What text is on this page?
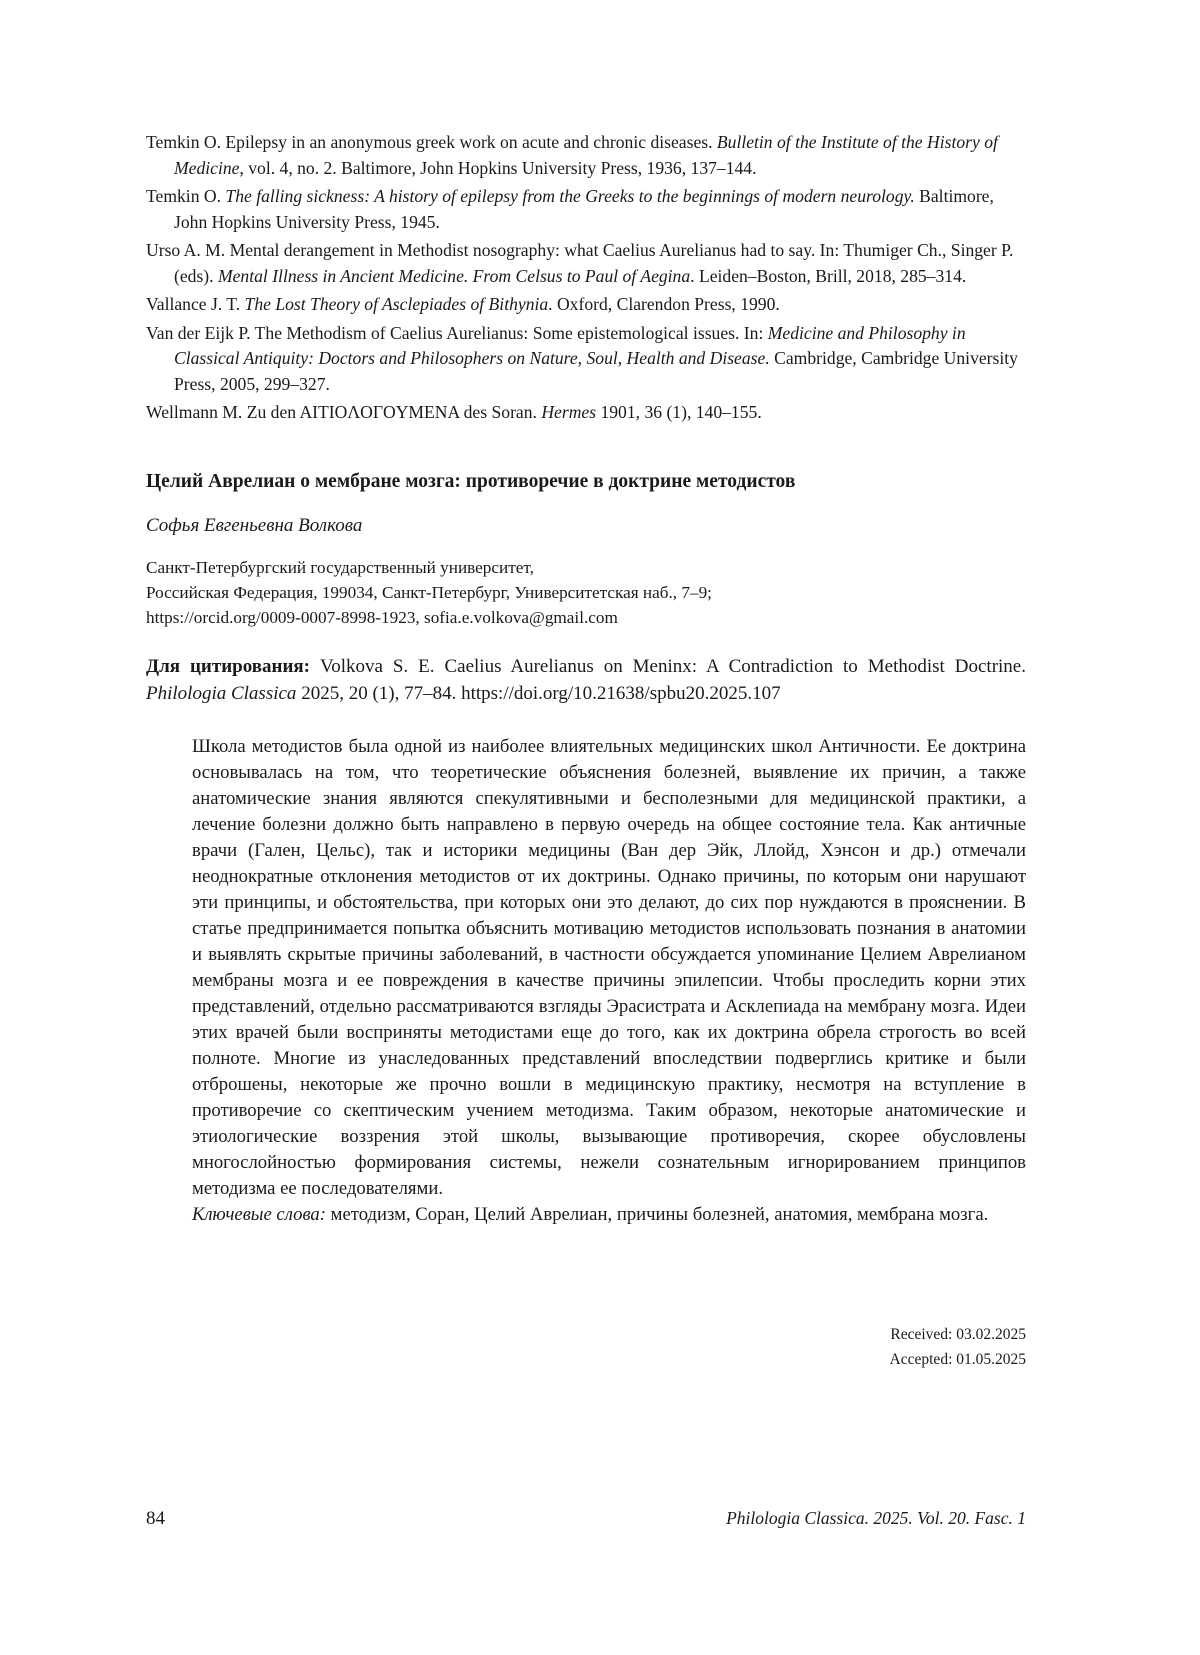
Temkin O. Epilepsy in an anonymous greek work on acute and chronic diseases. Bulletin of the Institute of the History of Medicine, vol. 4, no. 2. Baltimore, John Hopkins University Press, 1936, 137–144.
Temkin O. The falling sickness: A history of epilepsy from the Greeks to the beginnings of modern neurology. Baltimore, John Hopkins University Press, 1945.
Urso A. M. Mental derangement in Methodist nosography: what Caelius Aurelianus had to say. In: Thumiger Ch., Singer P. (eds). Mental Illness in Ancient Medicine. From Celsus to Paul of Aegina. Leiden–Boston, Brill, 2018, 285–314.
Vallance J. T. The Lost Theory of Asclepiades of Bithynia. Oxford, Clarendon Press, 1990.
Van der Eijk P. The Methodism of Caelius Aurelianus: Some epistemological issues. In: Medicine and Philosophy in Classical Antiquity: Doctors and Philosophers on Nature, Soul, Health and Disease. Cambridge, Cambridge University Press, 2005, 299–327.
Wellmann M. Zu den AITIOΛOΓOYMENA des Soran. Hermes 1901, 36 (1), 140–155.
Целий Аврелиан о мембране мозга: противоречие в доктрине методистов
Софья Евгеньевна Волкова
Санкт-Петербургский государственный университет,
Российская Федерация, 199034, Санкт-Петербург, Университетская наб., 7–9;
https://orcid.org/0009-0007-8998-1923, sofia.e.volkova@gmail.com
Для цитирования: Volkova S. E. Caelius Aurelianus on Meninx: A Contradiction to Methodist Doctrine. Philologia Classica 2025, 20 (1), 77–84. https://doi.org/10.21638/spbu20.2025.107

Школа методистов была одной из наиболее влиятельных медицинских школ Античности. Ее доктрина основывалась на том, что теоретические объяснения болезней, выявление их причин, а также анатомические знания являются спекулятивными и бесполезными для медицинской практики, а лечение болезни должно быть направлено в первую очередь на общее состояние тела. Как античные врачи (Гален, Цельс), так и историки медицины (Ван дер Эйк, Ллойд, Хэнсон и др.) отмечали неоднократные отклонения методистов от их доктрины. Однако причины, по которым они нарушают эти принципы, и обстоятельства, при которых они это делают, до сих пор нуждаются в прояснении. В статье предпринимается попытка объяснить мотивацию методистов использовать познания в анатомии и выявлять скрытые причины заболеваний, в частности обсуждается упоминание Целием Аврелианом мембраны мозга и ее повреждения в качестве причины эпилепсии. Чтобы проследить корни этих представлений, отдельно рассматриваются взгляды Эрасистрата и Асклепиада на мембрану мозга. Идеи этих врачей были восприняты методистами еще до того, как их доктрина обрела строгость во всей полноте. Многие из унаследованных представлений впоследствии подверглись критике и были отброшены, некоторые же прочно вошли в медицинскую практику, несмотря на вступление в противоречие со скептическим учением методизма. Таким образом, некоторые анатомические и этиологические воззрения этой школы, вызывающие противоречия, скорее обусловлены многослойностью формирования системы, нежели сознательным игнорированием принципов методизма ее последователями.

Ключевые слова: методизм, Соран, Целий Аврелиан, причины болезней, анатомия, мембрана мозга.

Received: 03.02.2025
Accepted: 01.05.2025
84	Philologia Classica. 2025. Vol. 20. Fasc. 1
